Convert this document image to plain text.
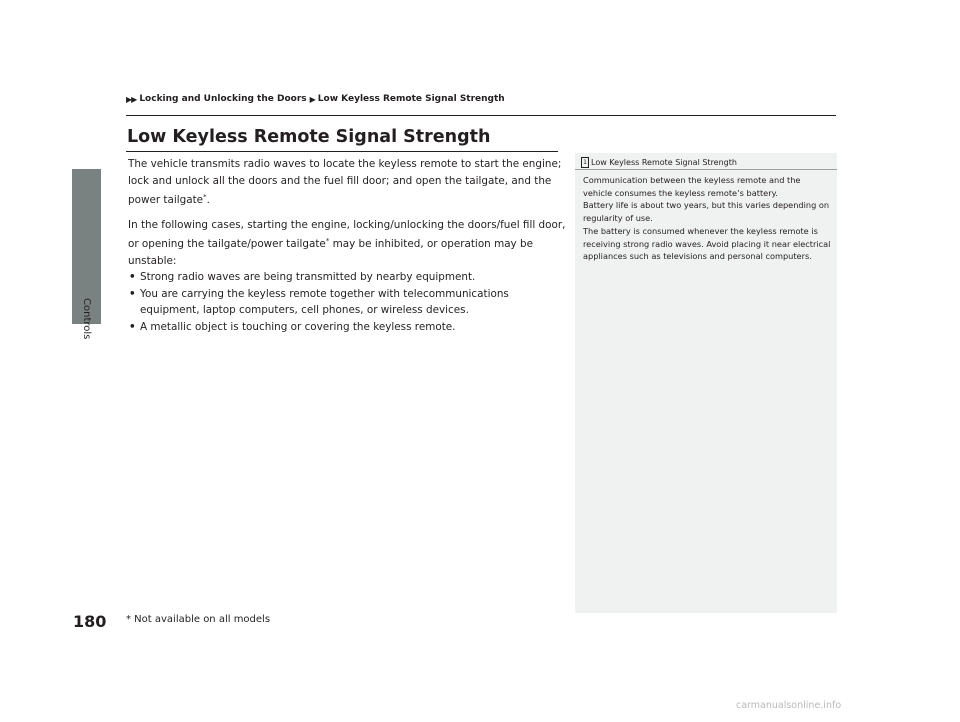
Controls
▶▶ Locking and Unlocking the Doors ▶ Low Keyless Remote Signal Strength
Low Keyless Remote Signal Strength

The vehicle transmits radio waves to locate the keyless remote to start the engine; lock and unlock all the doors and the fuel fill door; and open the tailgate, and the power tailgate*.

In the following cases, starting the engine, locking/unlocking the doors/fuel fill door, or opening the tailgate/power tailgate* may be inhibited, or operation may be unstable:

• Strong radio waves are being transmitted by nearby equipment.
• You are carrying the keyless remote together with telecommunications equipment, laptop computers, cell phones, or wireless devices.
• A metallic object is touching or covering the keyless remote.
1 Low Keyless Remote Signal Strength
Communication between the keyless remote and the vehicle consumes the keyless remote’s battery.
Battery life is about two years, but this varies depending on regularity of use.
The battery is consumed whenever the keyless remote is receiving strong radio waves. Avoid placing it near electrical appliances such as televisions and personal computers.
180 * Not available on all models
carmanualsonline.info
